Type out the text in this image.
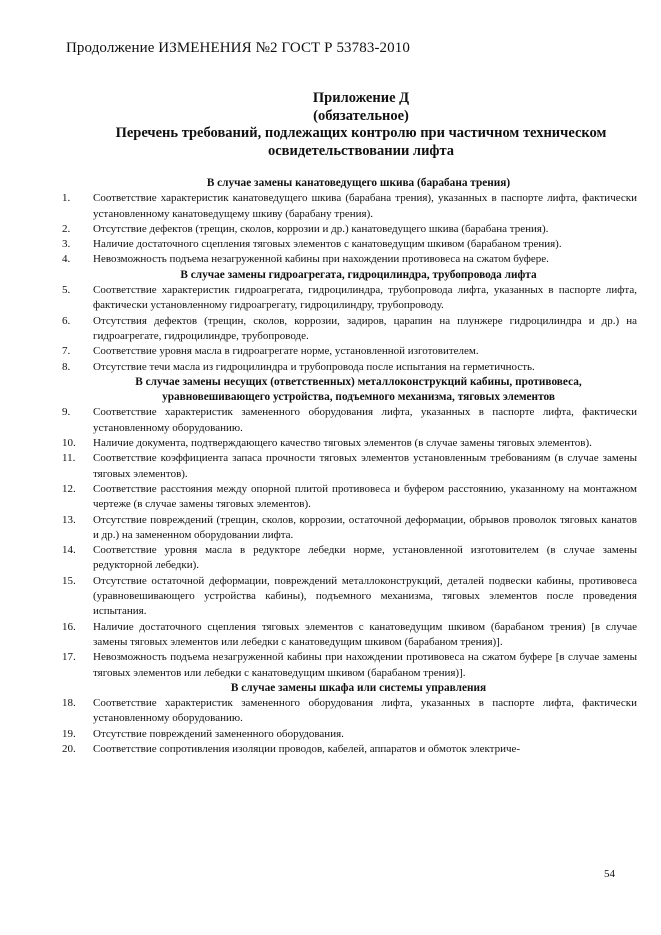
Продолжение ИЗМЕНЕНИЯ №2 ГОСТ Р 53783-2010
Приложение Д
(обязательное)
Перечень требований, подлежащих контролю при частичном техническом
освидетельствовании лифта
В случае замены канатоведущего шкива (барабана трения)
1. Соответствие характеристик канатоведущего шкива (барабана трения), указанных в паспорте лифта, фактически установленному канатоведущему шкиву (барабану трения).
2. Отсутствие дефектов (трещин, сколов, коррозии и др.) канатоведущего шкива (барабана трения).
3. Наличие достаточного сцепления тяговых элементов с канатоведущим шкивом (барабаном трения).
4. Невозможность подъема незагруженной кабины при нахождении противовеса на сжатом буфере.
В случае замены гидроагрегата, гидроцилиндра, трубопровода лифта
5. Соответствие характеристик гидроагрегата, гидроцилиндра, трубопровода лифта, указанных в паспорте лифта, фактически установленному гидроагрегату, гидроцилиндру, трубопроводу.
6. Отсутствия дефектов (трещин, сколов, коррозии, задиров, царапин на плунжере гидроцилиндра и др.) на гидроагрегате, гидроцилиндре, трубопроводе.
7. Соответствие уровня масла в гидроагрегате норме, установленной изготовителем.
8. Отсутствие течи масла из гидроцилиндра и трубопровода после испытания на герметичность.
В случае замены несущих (ответственных) металлоконструкций кабины, противовеса, уравновешивающего устройства, подъемного механизма, тяговых элементов
9. Соответствие характеристик замененного оборудования лифта, указанных в паспорте лифта, фактически установленному оборудованию.
10. Наличие документа, подтверждающего качество тяговых элементов (в случае замены тяговых элементов).
11. Соответствие коэффициента запаса прочности тяговых элементов установленным требованиям (в случае замены тяговых элементов).
12. Соответствие расстояния между опорной плитой противовеса и буфером расстоянию, указанному на монтажном чертеже (в случае замены тяговых элементов).
13. Отсутствие повреждений (трещин, сколов, коррозии, остаточной деформации, обрывов проволок тяговых канатов и др.) на замененном оборудовании лифта.
14. Соответствие уровня масла в редукторе лебедки норме, установленной изготовителем (в случае замены редукторной лебедки).
15. Отсутствие остаточной деформации, повреждений металлоконструкций, деталей подвески кабины, противовеса (уравновешивающего устройства кабины), подъемного механизма, тяговых элементов после проведения испытания.
16. Наличие достаточного сцепления тяговых элементов с канатоведущим шкивом (барабаном трения) [в случае замены тяговых элементов или лебедки с канатоведущим шкивом (барабаном трения)].
17. Невозможность подъема незагруженной кабины при нахождении противовеса на сжатом буфере [в случае замены тяговых элементов или лебедки с канатоведущим шкивом (барабаном трения)].
В случае замены шкафа или системы управления
18. Соответствие характеристик замененного оборудования лифта, указанных в паспорте лифта, фактически установленному оборудованию.
19. Отсутствие повреждений замененного оборудования.
20. Соответствие сопротивления изоляции проводов, кабелей, аппаратов и обмоток электриче-
54
